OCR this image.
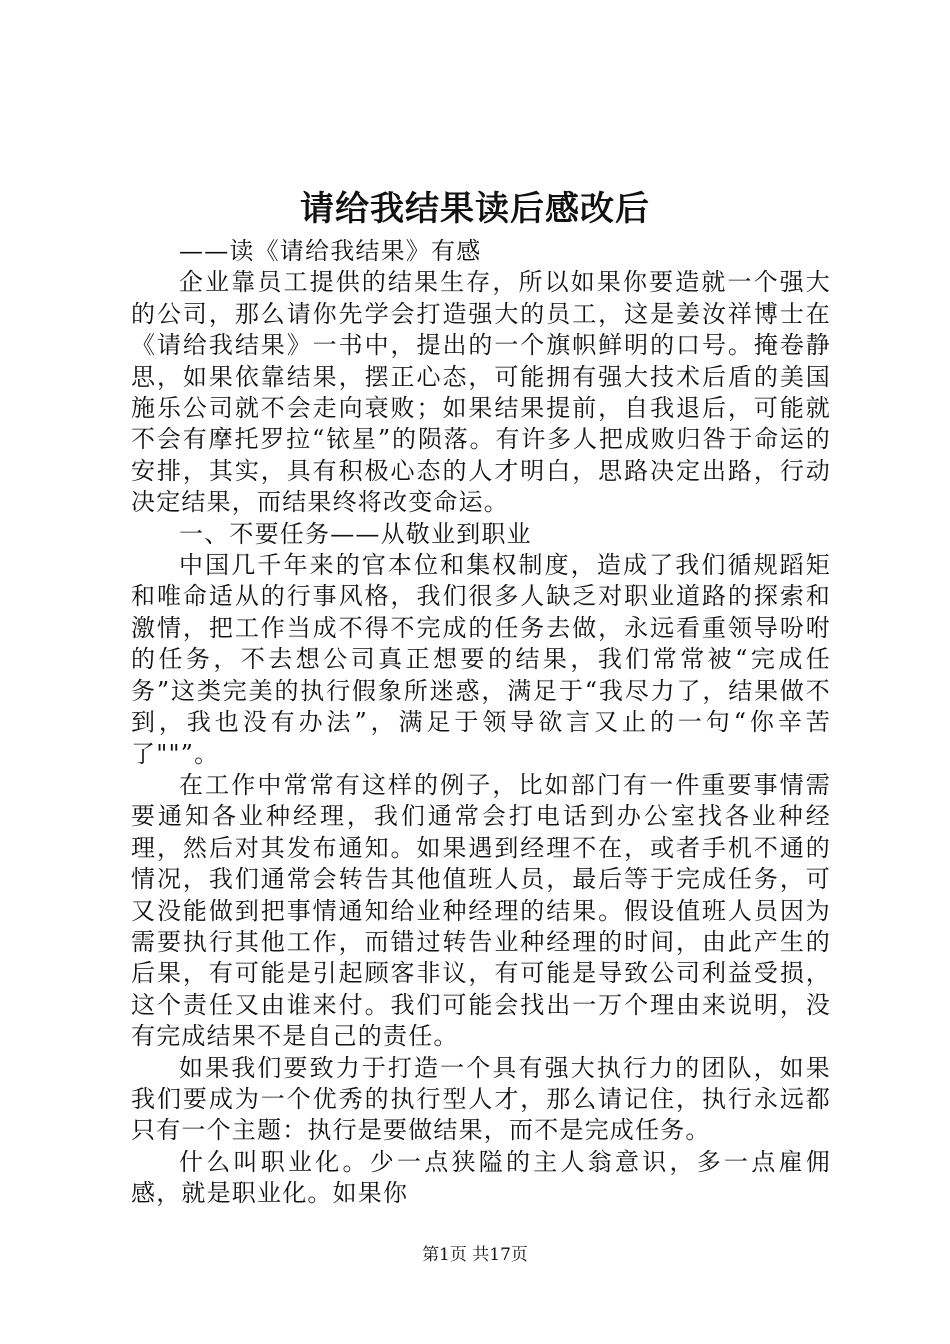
请给我结果读后感改后

——读《请给我结果》有感

企业靠员工提供的结果生存，所以如果你要造就一个强大的公司，那么请你先学会打造强大的员工，这是姜汝祥博士在《请给我结果》一书中，提出的一个旗帜鲜明的口号。掩卷静思，如果依靠结果，摆正心态，可能拥有强大技术后盾的美国施乐公司就不会走向衰败；如果结果提前，自我退后，可能就不会有摩托罗拉“铱星”的陨落。有许多人把成败归咎于命运的安排，其实，具有积极心态的人才明白，思路决定出路，行动决定结果，而结果终将改变命运。

一、不要任务——从敬业到职业

中国几千年来的官本位和集权制度，造成了我们循规蹈矩和唯命适从的行事风格，我们很多人缺乏对职业道路的探索和激情，把工作当成不得不完成的任务去做，永远看重领导吩咐的任务，不去想公司真正想要的结果，我们常常被“完成任务”这类完美的执行假象所迷惑，满足于“我尽力了，结果做不到，我也没有办法”，满足于领导欲言又止的一句“你辛苦了""”。

在工作中常常有这样的例子，比如部门有一件重要事情需要通知各业种经理，我们通常会打电话到办公室找各业种经理，然后对其发布通知。如果遇到经理不在，或者手机不通的情况，我们通常会转告其他值班人员，最后等于完成任务，可又没能做到把事情通知给业种经理的结果。假设值班人员因为需要执行其他工作，而错过转告业种经理的时间，由此产生的后果，有可能是引起顾客非议，有可能是导致公司利益受损，这个责任又由谁来付。我们可能会找出一万个理由来说明，没有完成结果不是自己的责任。

如果我们要致力于打造一个具有强大执行力的团队，如果我们要成为一个优秀的执行型人才，那么请记住，执行永远都只有一个主题：执行是要做结果，而不是完成任务。

什么叫职业化。少一点狭隘的主人翁意识，多一点雇佣感，就是职业化。如果你

第1页 共17页
